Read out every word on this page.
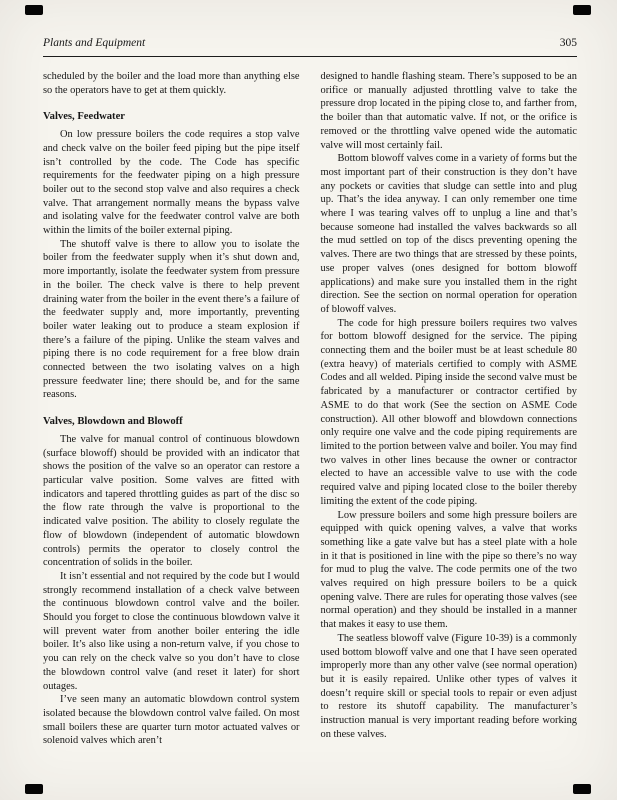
Plants and Equipment	305

scheduled by the boiler and the load more than anything else so the operators have to get at them quickly.

Valves, Feedwater

On low pressure boilers the code requires a stop valve and check valve on the boiler feed piping but the pipe itself isn’t controlled by the code. The Code has specific requirements for the feedwater piping on a high pressure boiler out to the second stop valve and also requires a check valve. That arrangement normally means the bypass valve and isolating valve for the feedwater control valve are both within the limits of the boiler external piping.

The shutoff valve is there to allow you to isolate the boiler from the feedwater supply when it’s shut down and, more importantly, isolate the feedwater system from pressure in the boiler. The check valve is there to help prevent draining water from the boiler in the event there’s a failure of the feedwater supply and, more importantly, preventing boiler water leaking out to produce a steam explosion if there’s a failure of the piping. Unlike the steam valves and piping there is no code requirement for a free blow drain connected between the two isolating valves on a high pressure feedwater line; there should be, and for the same reasons.

Valves, Blowdown and Blowoff

The valve for manual control of continuous blowdown (surface blowoff) should be provided with an indicator that shows the position of the valve so an operator can restore a particular valve position. Some valves are fitted with indicators and tapered throttling guides as part of the disc so the flow rate through the valve is proportional to the indicated valve position. The ability to closely regulate the flow of blowdown (independent of automatic blowdown controls) permits the operator to closely control the concentration of solids in the boiler.

It isn’t essential and not required by the code but I would strongly recommend installation of a check valve between the continuous blowdown control valve and the boiler. Should you forget to close the continuous blowdown valve it will prevent water from another boiler entering the idle boiler. It’s also like using a non-return valve, if you chose to you can rely on the check valve so you don’t have to close the blowdown control valve (and reset it later) for short outages.

I’ve seen many an automatic blowdown control system isolated because the blowdown control valve failed. On most small boilers these are quarter turn motor actuated valves or solenoid valves which aren’t

designed to handle flashing steam. There’s supposed to be an orifice or manually adjusted throttling valve to take the pressure drop located in the piping close to, and farther from, the boiler than that automatic valve. If not, or the orifice is removed or the throttling valve opened wide the automatic valve will most certainly fail.

Bottom blowoff valves come in a variety of forms but the most important part of their construction is they don’t have any pockets or cavities that sludge can settle into and plug up. That’s the idea anyway. I can only remember one time where I was tearing valves off to unplug a line and that’s because someone had installed the valves backwards so all the mud settled on top of the discs preventing opening the valves. There are two things that are stressed by these points, use proper valves (ones designed for bottom blowoff applications) and make sure you installed them in the right direction. See the section on normal operation for operation of blowoff valves.

The code for high pressure boilers requires two valves for bottom blowoff designed for the service. The piping connecting them and the boiler must be at least schedule 80 (extra heavy) of materials certified to comply with ASME Codes and all welded. Piping inside the second valve must be fabricated by a manufacturer or contractor certified by ASME to do that work (See the section on ASME Code construction). All other blowoff and blowdown connections only require one valve and the code piping requirements are limited to the portion between valve and boiler. You may find two valves in other lines because the owner or contractor elected to have an accessible valve to use with the code required valve and piping located close to the boiler thereby limiting the extent of the code piping.

Low pressure boilers and some high pressure boilers are equipped with quick opening valves, a valve that works something like a gate valve but has a steel plate with a hole in it that is positioned in line with the pipe so there’s no way for mud to plug the valve. The code permits one of the two valves required on high pressure boilers to be a quick opening valve. There are rules for operating those valves (see normal operation) and they should be installed in a manner that makes it easy to use them.

The seatless blowoff valve (Figure 10-39) is a commonly used bottom blowoff valve and one that I have seen operated improperly more than any other valve (see normal operation) but it is easily repaired. Unlike other types of valves it doesn’t require skill or special tools to repair or even adjust to restore its shutoff capability. The manufacturer’s instruction manual is very important reading before working on these valves.
